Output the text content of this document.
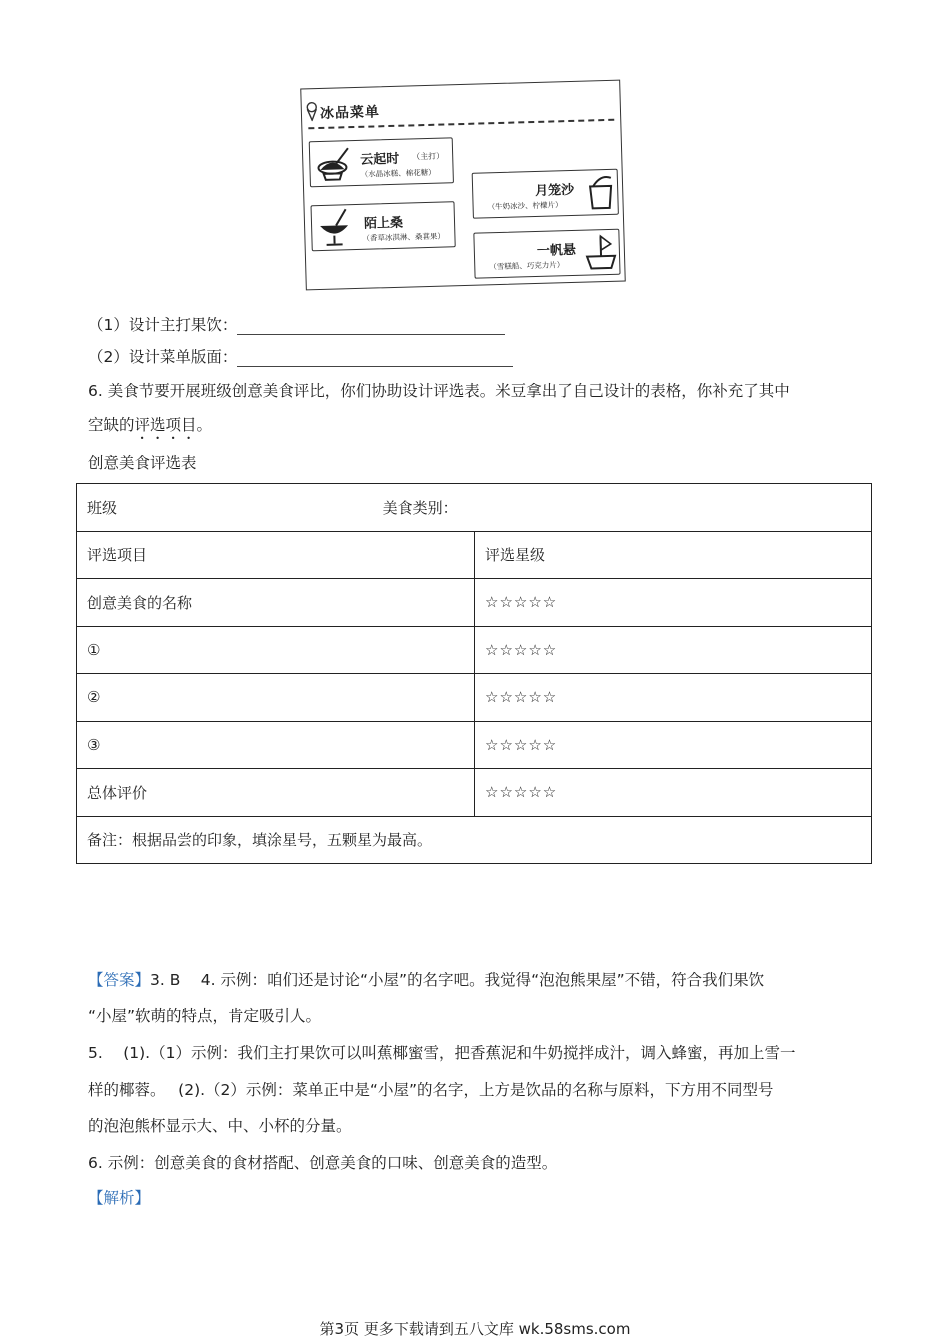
冰品菜单
云起时 （主打）
（水晶冰糕、棉花糖）
月笼沙
（牛奶冰沙、柠檬片）
陌上桑
（香草冰淇淋、桑葚果）
一帆悬
（雪糕船、巧克力片）
（1）设计主打果饮：
（2）设计菜单版面：
6. 美食节要开展班级创意美食评比，你们协助设计评选表。米豆拿出了自己设计的表格，你补充了其中
空缺的评选项目。
创意美食评选表
班级 美食类别：	
评选项目	评选星级
创意美食的名称	☆☆☆☆☆
①	☆☆☆☆☆
②	☆☆☆☆☆
③	☆☆☆☆☆
总体评价	☆☆☆☆☆
备注：根据品尝的印象，填涂星号，五颗星为最高。	
【答案】3. B　 4. 示例：咱们还是讨论“小屋”的名字吧。我觉得“泡泡熊果屋”不错，符合我们果饮
“小屋”软萌的特点，肯定吸引人。
5.　 (1).（1）示例：我们主打果饮可以叫蕉椰蜜雪，把香蕉泥和牛奶搅拌成汁，调入蜂蜜，再加上雪一
样的椰蓉。　 (2).（2）示例：菜单正中是“小屋”的名字，上方是饮品的名称与原料，下方用不同型号
的泡泡熊杯显示大、中、小杯的分量。
6. 示例：创意美食的食材搭配、创意美食的口味、创意美食的造型。
【解析】
第3页 更多下载请到五八文库 wk.58sms.com
